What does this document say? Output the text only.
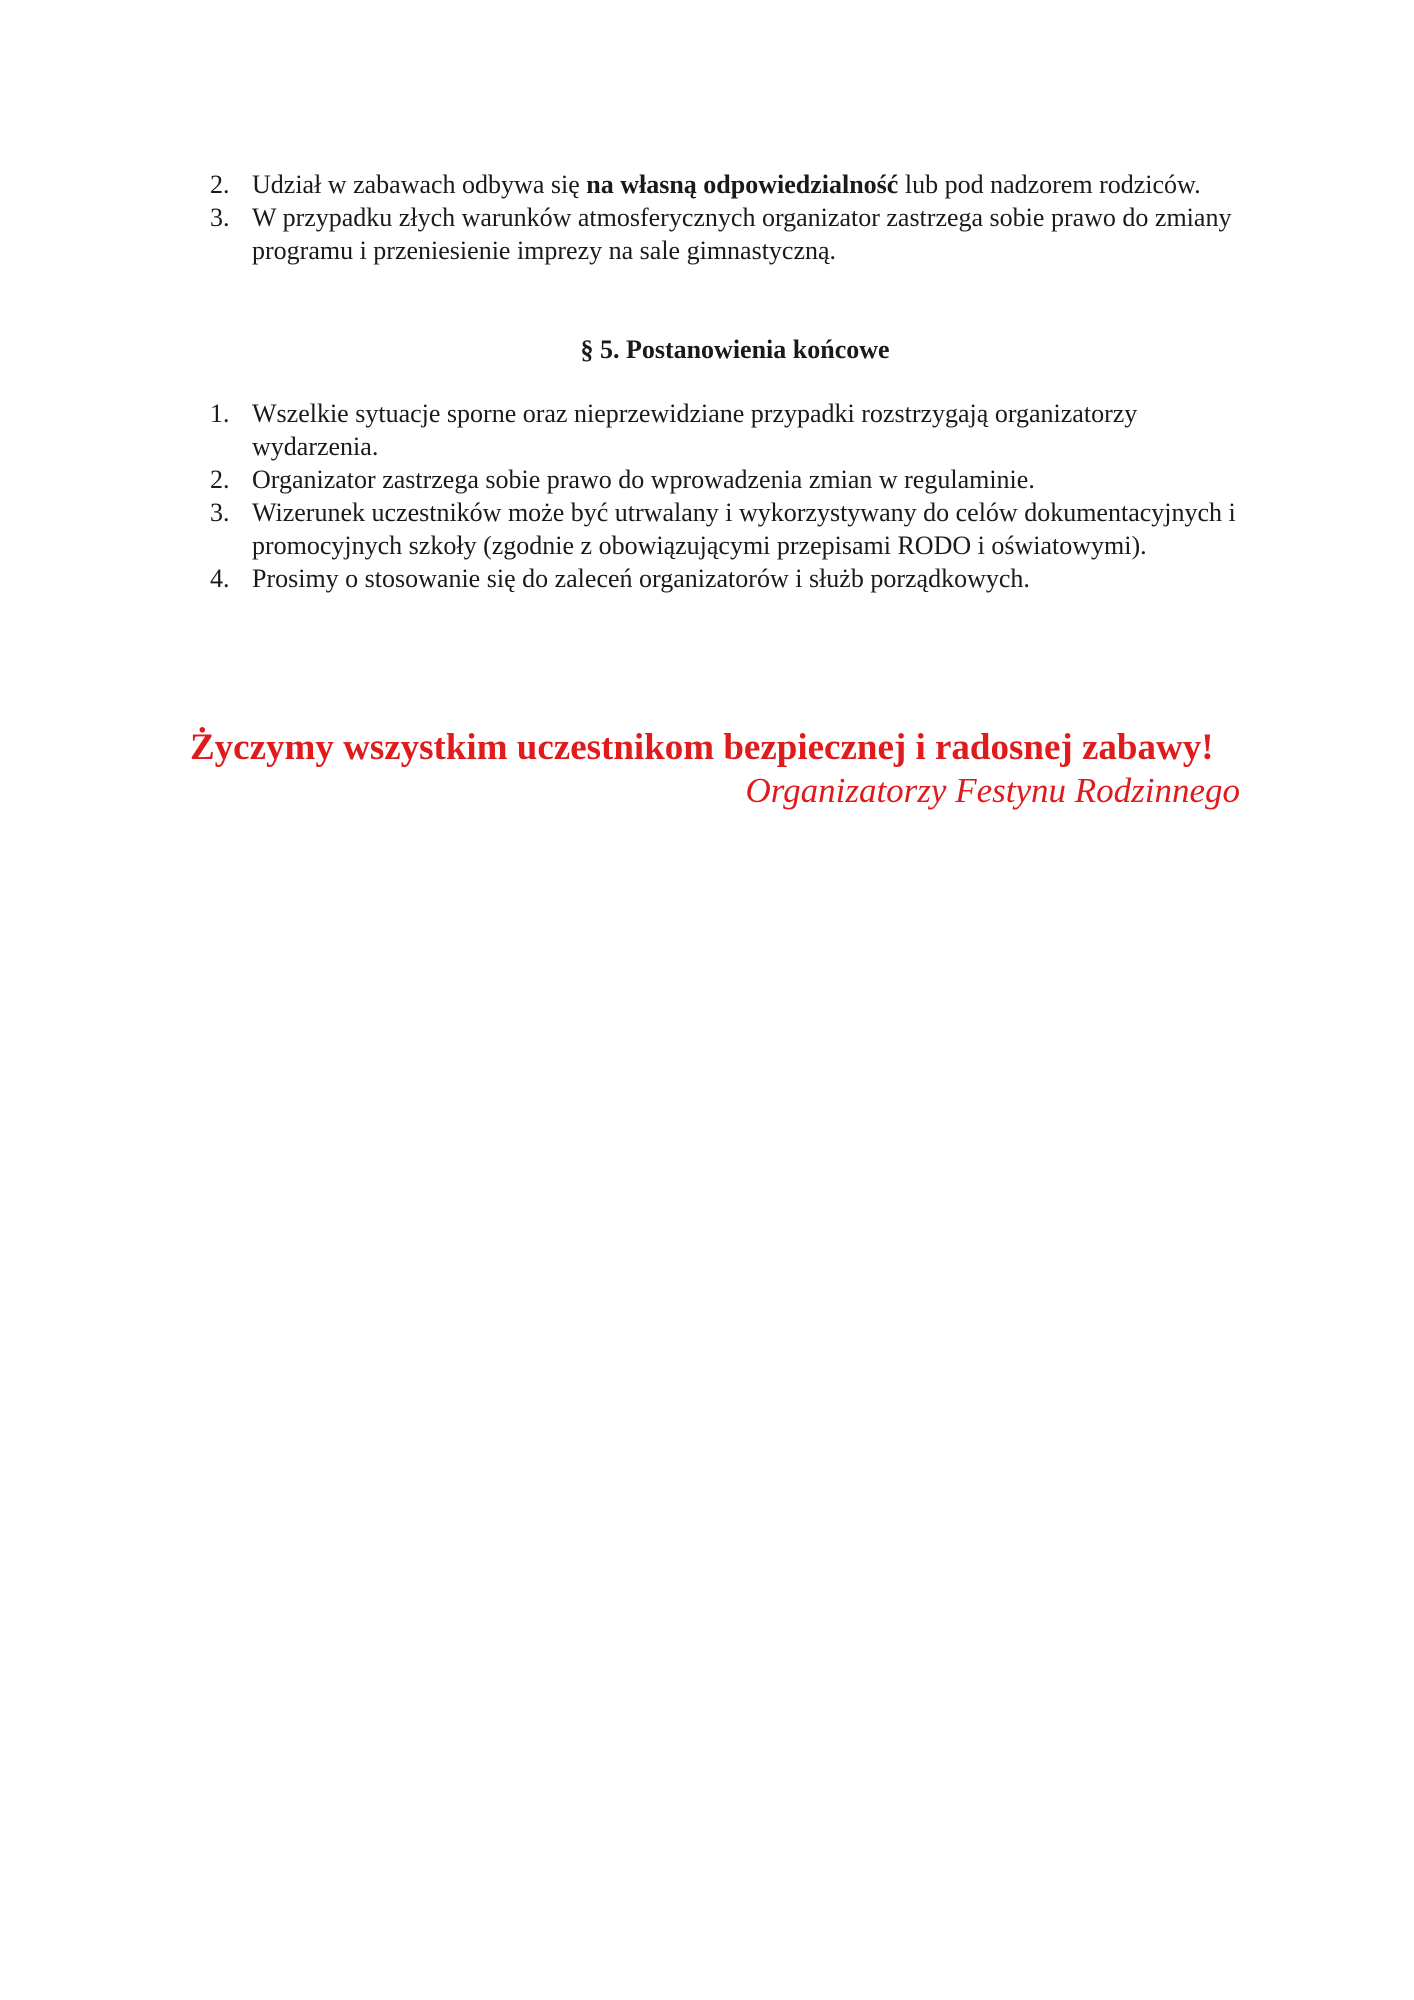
2. Udział w zabawach odbywa się na własną odpowiedzialność lub pod nadzorem rodziców.
3. W przypadku złych warunków atmosferycznych organizator zastrzega sobie prawo do zmiany programu i przeniesienie imprezy na sale gimnastyczną.
§ 5. Postanowienia końcowe
1. Wszelkie sytuacje sporne oraz nieprzewidziane przypadki rozstrzygają organizatorzy wydarzenia.
2. Organizator zastrzega sobie prawo do wprowadzenia zmian w regulaminie.
3. Wizerunek uczestników może być utrwalany i wykorzystywany do celów dokumentacyjnych i promocyjnych szkoły (zgodnie z obowiązującymi przepisami RODO i oświatowymi).
4. Prosimy o stosowanie się do zaleceń organizatorów i służb porządkowych.
Życzymy wszystkim uczestnikom bezpiecznej i radosnej zabawy!
Organizatorzy Festynu Rodzinnego
